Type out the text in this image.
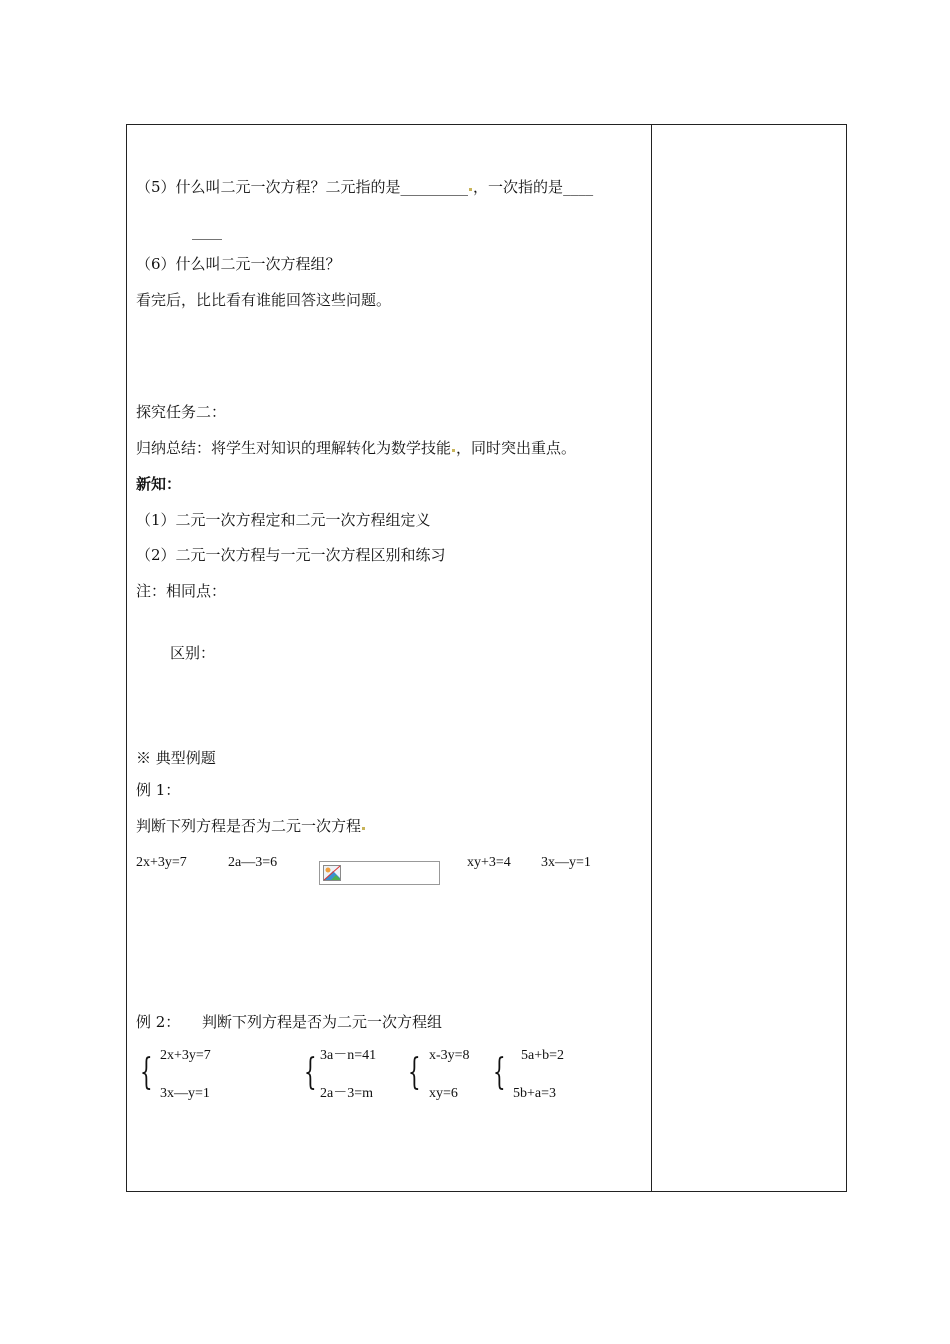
（5）什么叫二元一次方程？二元指的是_________ ，一次指的是____
____
（6）什么叫二元一次方程组？
看完后，比比看有谁能回答这些问题。
探究任务二：
归纳总结：将学生对知识的理解转化为数学技能 ，同时突出重点。
新知：
（1）二元一次方程定和二元一次方程组定义
（2）二元一次方程与一元一次方程区别和练习
注：相同点：
区别：
※ 典型例题
例 1：
判断下列方程是否为二元一次方程
2x+3y=7	2a—3=6	xy+3=4 3x—y=1
例 2： 判断下列方程是否为二元一次方程组
{ 2x+3y=7
3x—y=1
{ 3a－n=41
2a－3=m
{ x-3y=8
xy=6
{ 5a+b=2
5b+a=3
